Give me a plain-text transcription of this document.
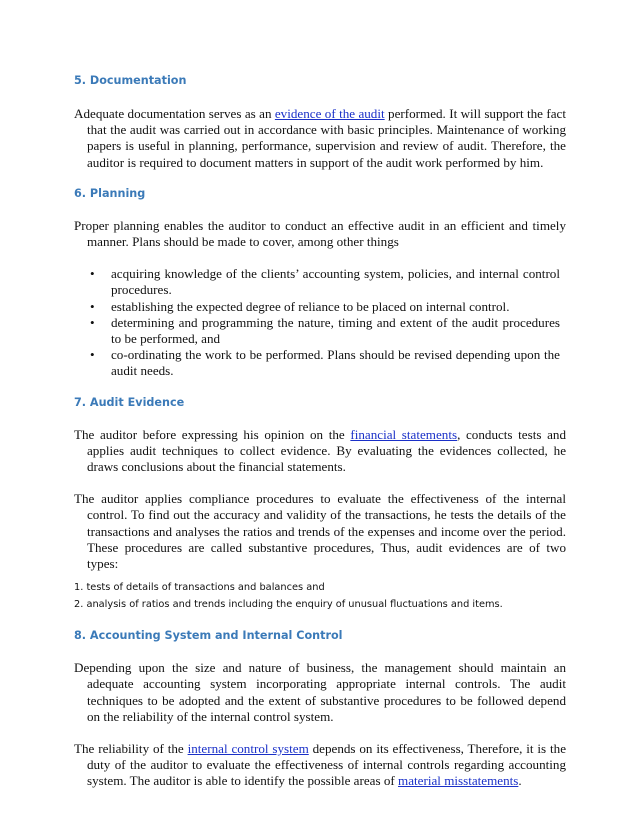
5. Documentation

Adequate documentation serves as an evidence of the audit performed. It will support the fact that the audit was carried out in accordance with basic principles. Maintenance of working papers is useful in planning, performance, supervision and review of audit. Therefore, the auditor is required to document matters in support of the audit work performed by him.

6. Planning

Proper planning enables the auditor to conduct an effective audit in an efficient and timely manner. Plans should be made to cover, among other things

• acquiring knowledge of the clients’ accounting system, policies, and internal control procedures.
• establishing the expected degree of reliance to be placed on internal control.
• determining and programming the nature, timing and extent of the audit procedures to be performed, and
• co-ordinating the work to be performed. Plans should be revised depending upon the audit needs.
7. Audit Evidence

The auditor before expressing his opinion on the financial statements, conducts tests and applies audit techniques to collect evidence. By evaluating the evidences collected, he draws conclusions about the financial statements.

The auditor applies compliance procedures to evaluate the effectiveness of the internal control. To find out the accuracy and validity of the transactions, he tests the details of the transactions and analyses the ratios and trends of the expenses and income over the period. These procedures are called substantive procedures, Thus, audit evidences are of two types:

1. tests of details of transactions and balances and
2. analysis of ratios and trends including the enquiry of unusual fluctuations and items.
8. Accounting System and Internal Control

Depending upon the size and nature of business, the management should maintain an adequate accounting system incorporating appropriate internal controls. The audit techniques to be adopted and the extent of substantive procedures to be followed depend on the reliability of the internal control system.

The reliability of the internal control system depends on its effectiveness, Therefore, it is the duty of the auditor to evaluate the effectiveness of internal controls regarding accounting system. The auditor is able to identify the possible areas of material misstatements.
